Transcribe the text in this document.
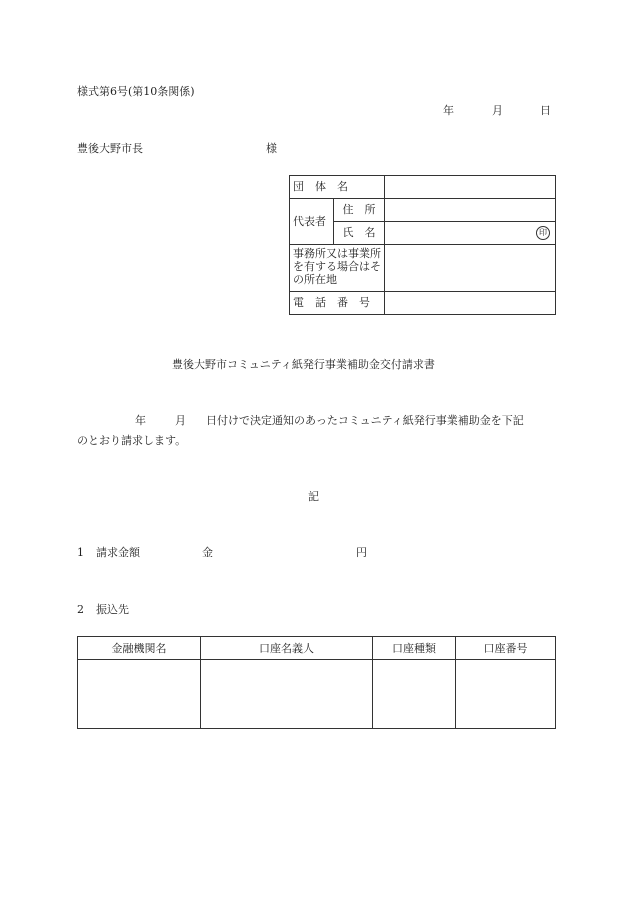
様式第6号(第10条関係)
年	月	日
豊後大野市長	様
団　体　名		
代表者	住　所	
	氏　名	印

事務所又は事業所を有する場合はその所在地		
電　話　番　号		
豊後大野市コミュニティ紙発行事業補助金交付請求書
年	月 日付けで決定通知のあったコミュニティ紙発行事業補助金を下記
のとおり請求します。
記
1 請求金額	金	円
2 振込先
金融機関名	口座名義人	口座種類	口座番号
